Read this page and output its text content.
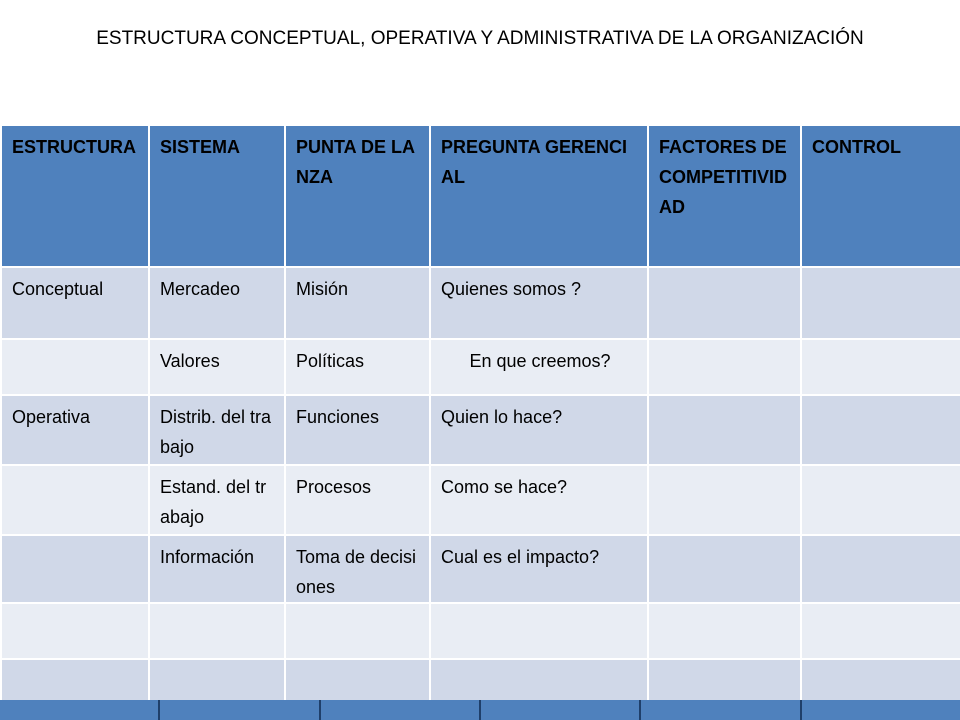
ESTRUCTURA CONCEPTUAL, OPERATIVA Y ADMINISTRATIVA DE LA ORGANIZACIÓN
ESTRUCTURA	SISTEMA	PUNTA DE LANZA	PREGUNTA GERENCIAL	FACTORES DE COMPETITIVIDAD	CONTROL
Conceptual	Mercadeo	Misión	Quienes somos ?		
	Valores	Políticas	En que creemos?		
Operativa	Distrib. del trabajo	Funciones	Quien lo hace?		
	Estand. del trabajo	Procesos	Como se hace?		
	Información	Toma de decisiones	Cual es el impacto?		
